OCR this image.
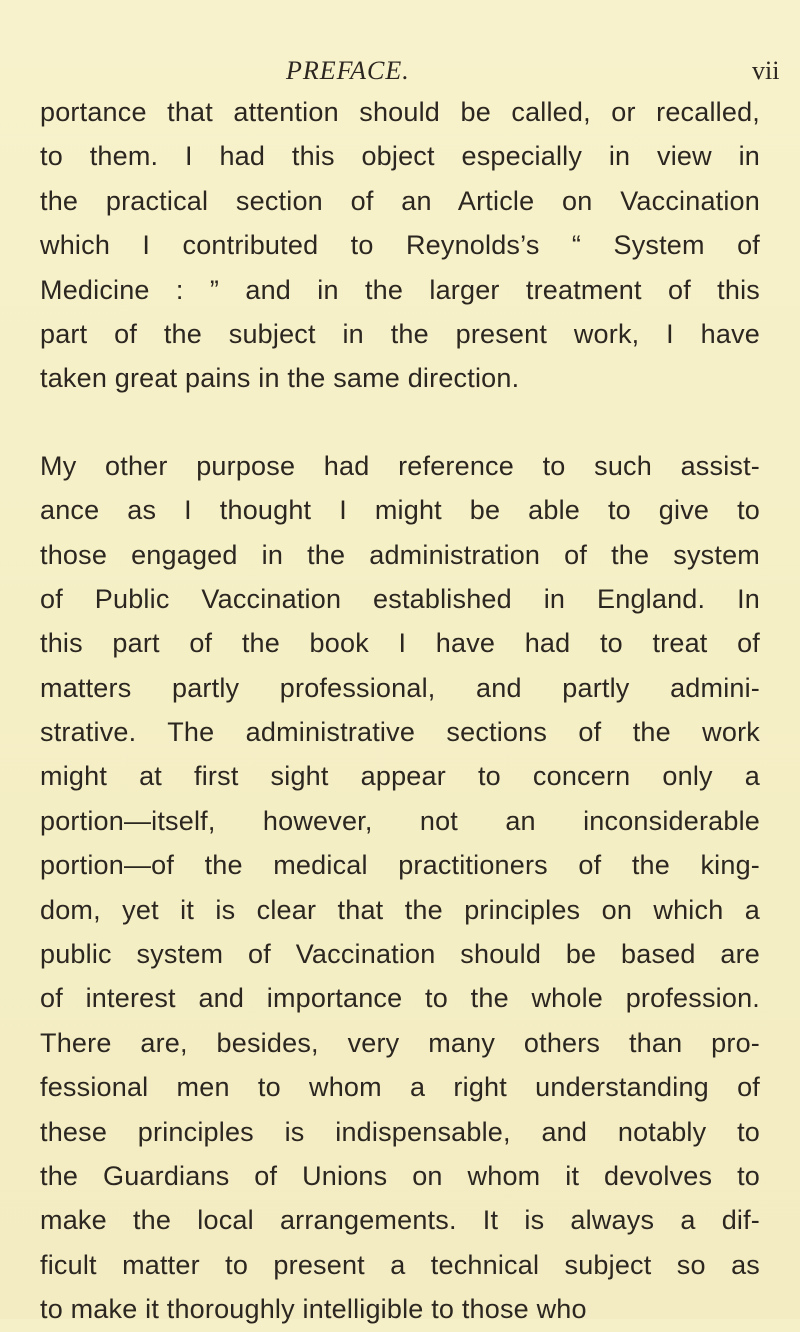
PREFACE.	vii
portance that attention should be called, or recalled,
to them. I had this object especially in view in
the practical section of an Article on Vaccination
which I contributed to Reynolds’s “ System of
Medicine : ” and in the larger treatment of this
part of the subject in the present work, I have
taken great pains in the same direction.
My other purpose had reference to such assist-
ance as I thought I might be able to give to
those engaged in the administration of the system
of Public Vaccination established in England. In
this part of the book I have had to treat of
matters partly professional, and partly admini-
strative. The administrative sections of the work
might at first sight appear to concern only a
portion—itself, however, not an inconsiderable
portion—of the medical practitioners of the king-
dom, yet it is clear that the principles on which a
public system of Vaccination should be based are
of interest and importance to the whole profession.
There are, besides, very many others than pro-
fessional men to whom a right understanding of
these principles is indispensable, and notably to
the Guardians of Unions on whom it devolves to
make the local arrangements. It is always a dif-
ficult matter to present a technical subject so as
to make it thoroughly intelligible to those who
